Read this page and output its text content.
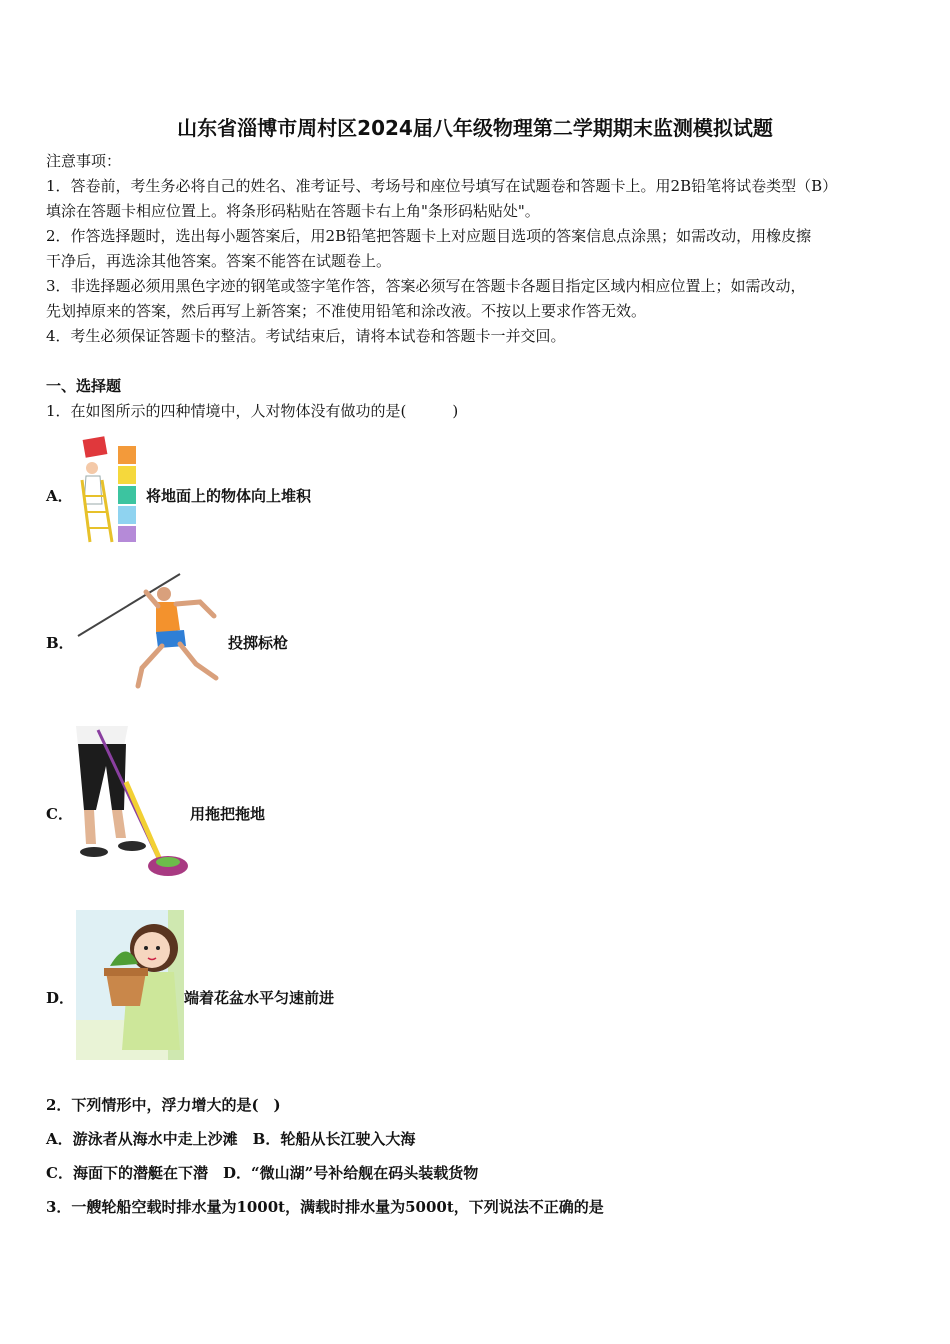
山东省淄博市周村区2024届八年级物理第二学期期末监测模拟试题
注意事项：
1．答卷前，考生务必将自己的姓名、准考证号、考场号和座位号填写在试题卷和答题卡上。用2B铅笔将试卷类型（B）
填涂在答题卡相应位置上。将条形码粘贴在答题卡右上角"条形码粘贴处"。
2．作答选择题时，选出每小题答案后，用2B铅笔把答题卡上对应题目选项的答案信息点涂黑；如需改动，用橡皮擦
干净后，再选涂其他答案。答案不能答在试题卷上。
3．非选择题必须用黑色字迹的钢笔或签字笔作答，答案必须写在答题卡各题目指定区域内相应位置上；如需改动，
先划掉原来的答案，然后再写上新答案；不准使用铅笔和涂改液。不按以上要求作答无效。
4．考生必须保证答题卡的整洁。考试结束后，请将本试卷和答题卡一并交回。
一、选择题
1．在如图所示的四种情境中，人对物体没有做功的是(	)
A．	将地面上的物体向上堆积
B．	投掷标枪
C．	用拖把拖地
D．	端着花盆水平匀速前进
2．下列情形中，浮力增大的是(　)
A．游泳者从海水中走上沙滩　B．轮船从长江驶入大海
C．海面下的潜艇在下潜　D．“微山湖”号补给舰在码头装载货物
3．一艘轮船空载时排水量为1000t，满载时排水量为5000t，下列说法不正确的是
